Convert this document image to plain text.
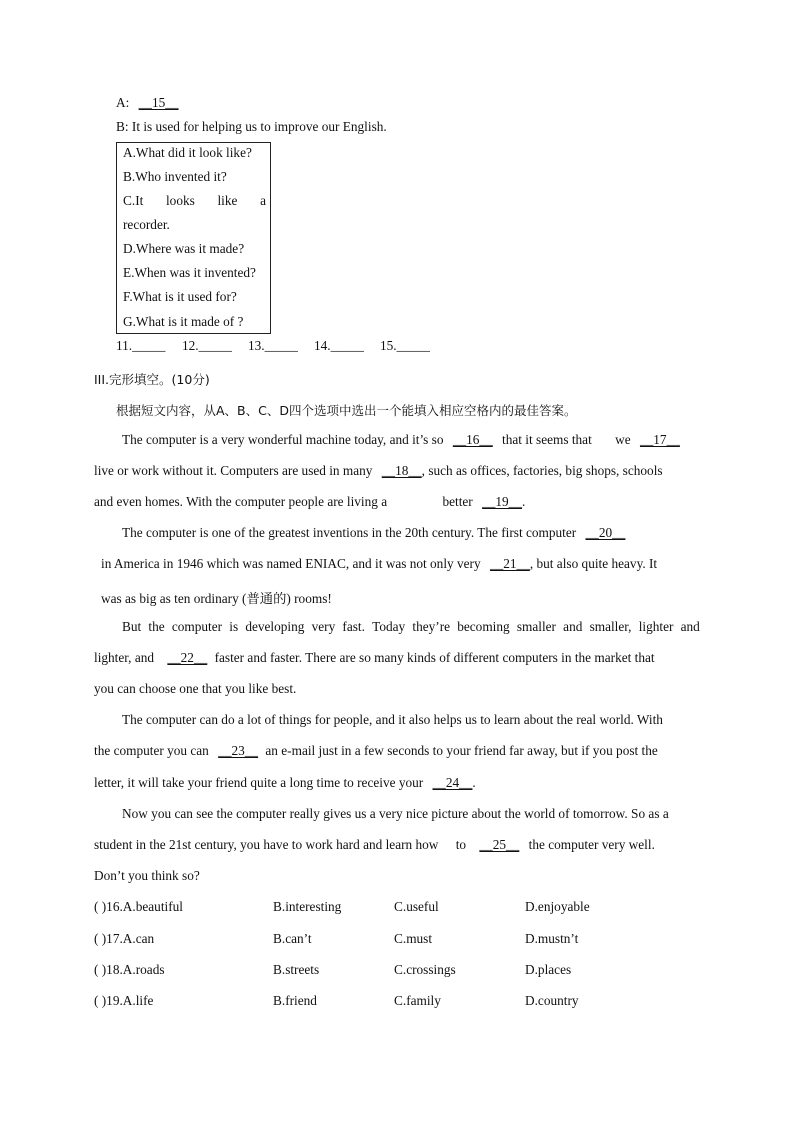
A: __15__
B: It is used for helping us to improve our English.
A.What did it look like?
B.Who invented it?
C.It looks like a
recorder.
D.Where was it made?
E.When was it invented?
F.What is it used for?
G.What is it made of ?
11._____ 12._____ 13._____ 14._____ 15._____
III.完形填空。(10分)
根据短文内容，从A、B、C、D四个选项中选出一个能填入相应空格内的最佳答案。
The computer is a very wonderful machine today, and it’s so __16__ that it seems that we __17__
live or work without it. Computers are used in many __18__, such as offices, factories, big shops, schools
and even homes. With the computer people are living a	better __19__.
The computer is one of the greatest inventions in the 20th century. The first computer __20__
in America in 1946 which was named ENIAC, and it was not only very __21__, but also quite heavy. It
was as big as ten ordinary (普通的) rooms!
But the computer is developing very fast. Today they’re becoming smaller and smaller, lighter and
lighter, and __22__ faster and faster. There are so many kinds of different computers in the market that
you can choose one that you like best.
The computer can do a lot of things for people, and it also helps us to learn about the real world. With
the computer you can __23__ an e-mail just in a few seconds to your friend far away, but if you post the
letter, it will take your friend quite a long time to receive your __24__.
Now you can see the computer really gives us a very nice picture about the world of tomorrow. So as a
student in the 21st century, you have to work hard and learn how to __25__ the computer very well.
Don’t you think so?
( )16.A.beautiful	B.interesting	C.useful	D.enjoyable
( )17.A.can	B.can’t	C.must	D.mustn’t
( )18.A.roads	B.streets	C.crossings	D.places
( )19.A.life	B.friend	C.family	D.country
